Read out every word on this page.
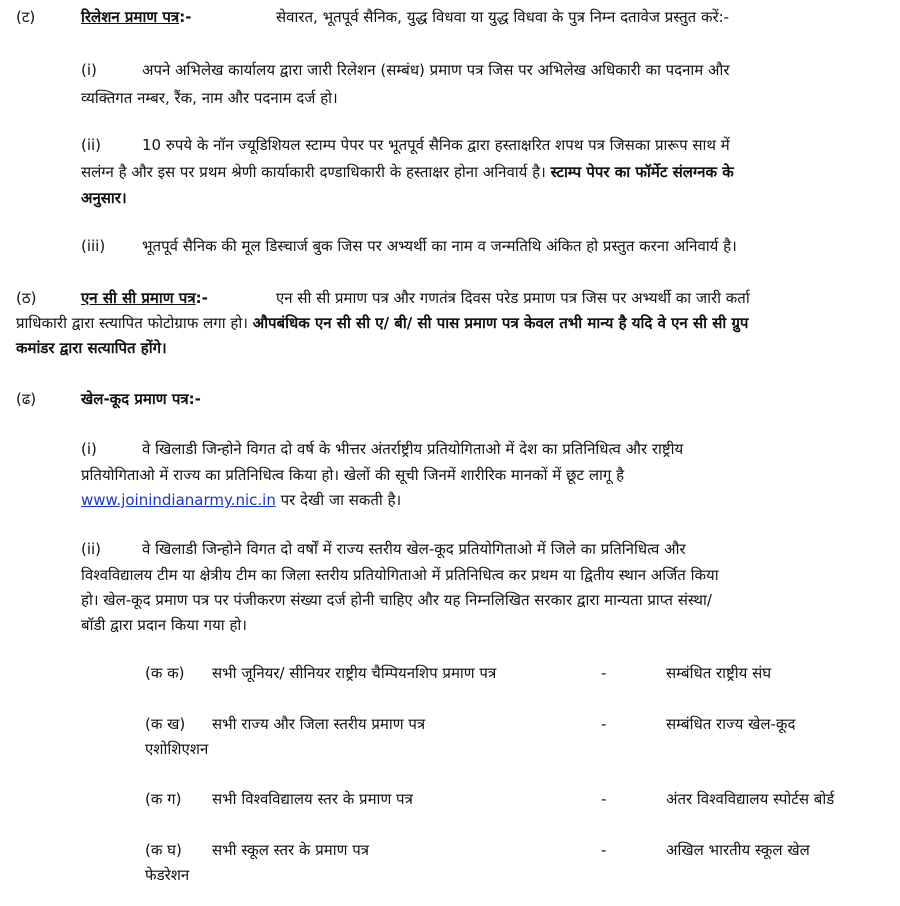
(ट)	रिलेशन प्रमाण पत्र:-	सेवारत, भूतपूर्व सैनिक, युद्ध विधवा या युद्ध विधवा के पुत्र निम्न दतावेज प्रस्तुत करें:-
(i)	अपने अभिलेख कार्यालय द्वारा जारी रिलेशन (सम्बंध) प्रमाण पत्र जिस पर अभिलेख अधिकारी का पदनाम और
व्यक्तिगत नम्बर, रैंक, नाम और पदनाम दर्ज हो।
(ii)	10 रुपये के नॉन ज्यूडिशियल स्टाम्प पेपर पर भूतपूर्व सैनिक द्वारा हस्ताक्षरित शपथ पत्र जिसका प्रारूप साथ में
सलंग्न है और इस पर प्रथम श्रेणी कार्याकारी दण्डाधिकारी के हस्ताक्षर होना अनिवार्य है। स्टाम्प पेपर का फॉर्मेट संलग्नक के
अनुसार।
(iii) भूतपूर्व सैनिक की मूल डिस्चार्ज बुक जिस पर अभ्यर्थी का नाम व जन्मतिथि अंकित हो प्रस्तुत करना अनिवार्य है।
(ठ)	एन सी सी प्रमाण पत्र:-	एन सी सी प्रमाण पत्र और गणतंत्र दिवस परेड प्रमाण पत्र जिस पर अभ्यर्थी का जारी कर्ता
प्राधिकारी द्वारा स्त्यापित फोटोग्राफ लगा हो। औपबंधिक एन सी सी ए/ बी/ सी पास प्रमाण पत्र केवल तभी मान्य है यदि वे एन सी सी ग्रुप
कमांडर द्वारा सत्यापित होंगे।
(ढ)	खेल-कूद प्रमाण पत्र:-
(i)	वे खिलाडी जिन्होने विगत दो वर्ष के भीत्तर अंतर्राष्ट्रीय प्रतियोगिताओ में देश का प्रतिनिधित्व और राष्ट्रीय
प्रतियोगिताओ में राज्य का प्रतिनिधित्व किया हो। खेलों की सूची जिनमें शारीरिक मानकों में छूट लागू है
www.joinindianarmy.nic.in पर देखी जा सकती है।
(ii)	वे खिलाडी जिन्होने विगत दो वर्षों में राज्य स्तरीय खेल-कूद प्रतियोगिताओ में जिले का प्रतिनिधित्व और
विश्वविद्यालय टीम या क्षेत्रीय टीम का जिला स्तरीय प्रतियोगिताओ में प्रतिनिधित्व कर प्रथम या द्वितीय स्थान अर्जित किया
हो। खेल-कूद प्रमाण पत्र पर पंजीकरण संख्या दर्ज होनी चाहिए और यह निम्नलिखित सरकार द्वारा मान्यता प्राप्त संस्था/
बॉडी द्वारा प्रदान किया गया हो।
(क क) सभी जूनियर/ सीनियर राष्ट्रीय चैम्पियनशिप प्रमाण पत्र	-	सम्बंधित राष्ट्रीय संघ
(क ख) सभी राज्य और जिला स्तरीय प्रमाण पत्र	-	सम्बंधित राज्य खेल-कूद
एशोशिएशन
(क ग) सभी विश्वविद्यालय स्तर के प्रमाण पत्र	-	अंतर विश्वविद्यालय स्पोर्टस बोर्ड
(क घ) सभी स्कूल स्तर के प्रमाण पत्र	-	अखिल भारतीय स्कूल खेल
फेडरेशन
